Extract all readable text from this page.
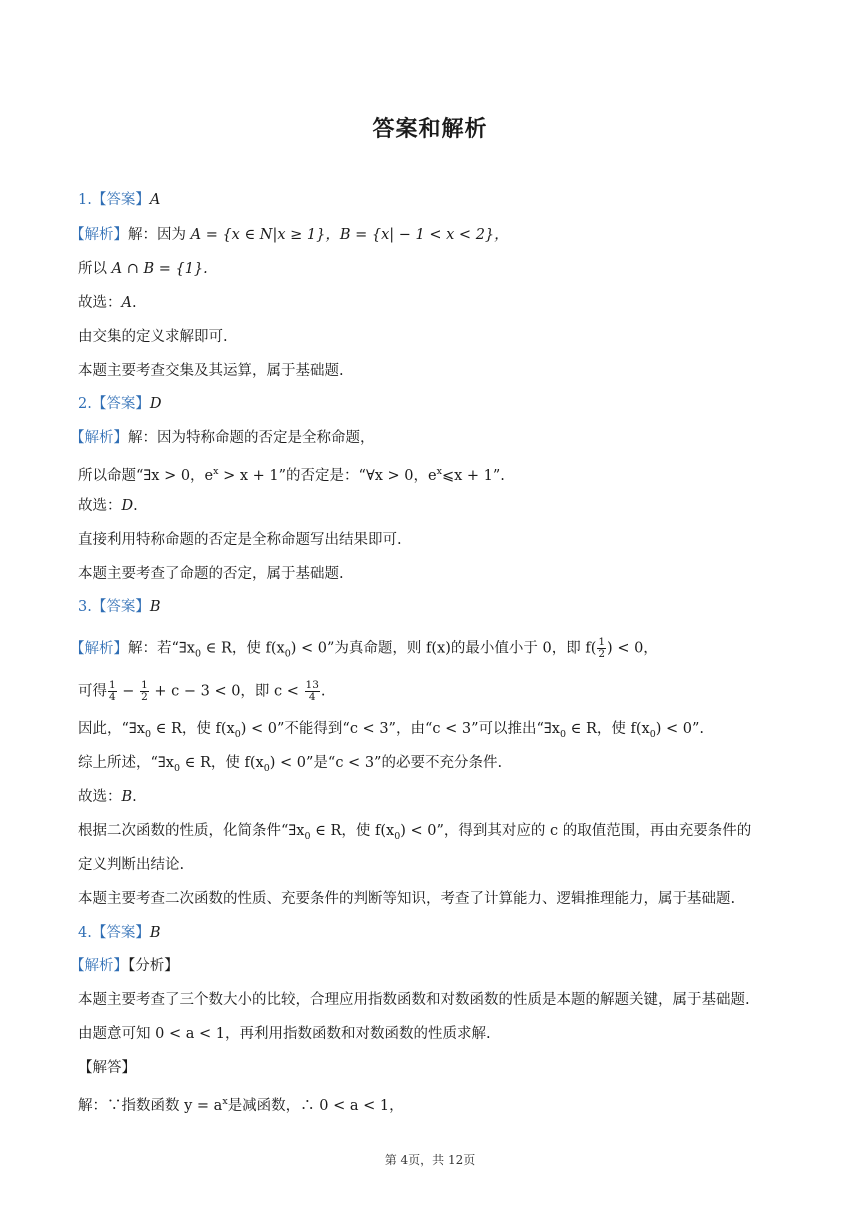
答案和解析
1.【答案】A
【解析】解：因为 A = {x ∈ N|x ≥ 1}，B = {x| − 1 < x < 2}，
所以 A ∩ B = {1}.
故选：A.
由交集的定义求解即可.
本题主要考查交集及其运算，属于基础题.
2.【答案】D
【解析】解：因为特称命题的否定是全称命题，
所以命题“∃x > 0，$e^x > x + 1$”的否定是：“∀x > 0，$e^x⩽x + 1$”.
故选：D.
直接利用特称命题的否定是全称命题写出结果即可.
本题主要考查了命题的否定，属于基础题.
3.【答案】B
【解析】解：若“$\exists x_0$ ∈ R，使 $f(x_0) < 0$”为真命题，则 f(x)的最小值小于 0，即 $f( \frac{1}{2}$ ) < 0，
可得 $\frac{1}{4} - \frac{1}{2} + c - 3 < 0$，即 $c < \frac{13}{4}$ .
因此，“$\exists x_0$ ∈ R，使 $f(x_0) < 0$”不能得到“c < 3”，由“c < 3”可以推出“$\exists x_0$ ∈ R，使 $f(x_0) < 0$”.
综上所述，“$\exists x_0$ ∈ R，使 $f(x_0) < 0$”是“c < 3”的必要不充分条件.
故选：B.
根据二次函数的性质，化简条件“$\exists x_0$ ∈ R，使 $f(x_0) < 0$”，得到其对应的 c 的取值范围，再由充要条件的
定义判断出结论.
本题主要考查二次函数的性质、充要条件的判断等知识，考查了计算能力、逻辑推理能力，属于基础题.
4.【答案】B
【解析】【分析】
本题主要考查了三个数大小的比较，合理应用指数函数和对数函数的性质是本题的解题关键，属于基础题.
由题意可知 0 < a < 1，再利用指数函数和对数函数的性质求解.
【解答】
解：∵指数函数 $y = a^x$是减函数，∴ 0 < a < 1，
第 4页，共 12页
